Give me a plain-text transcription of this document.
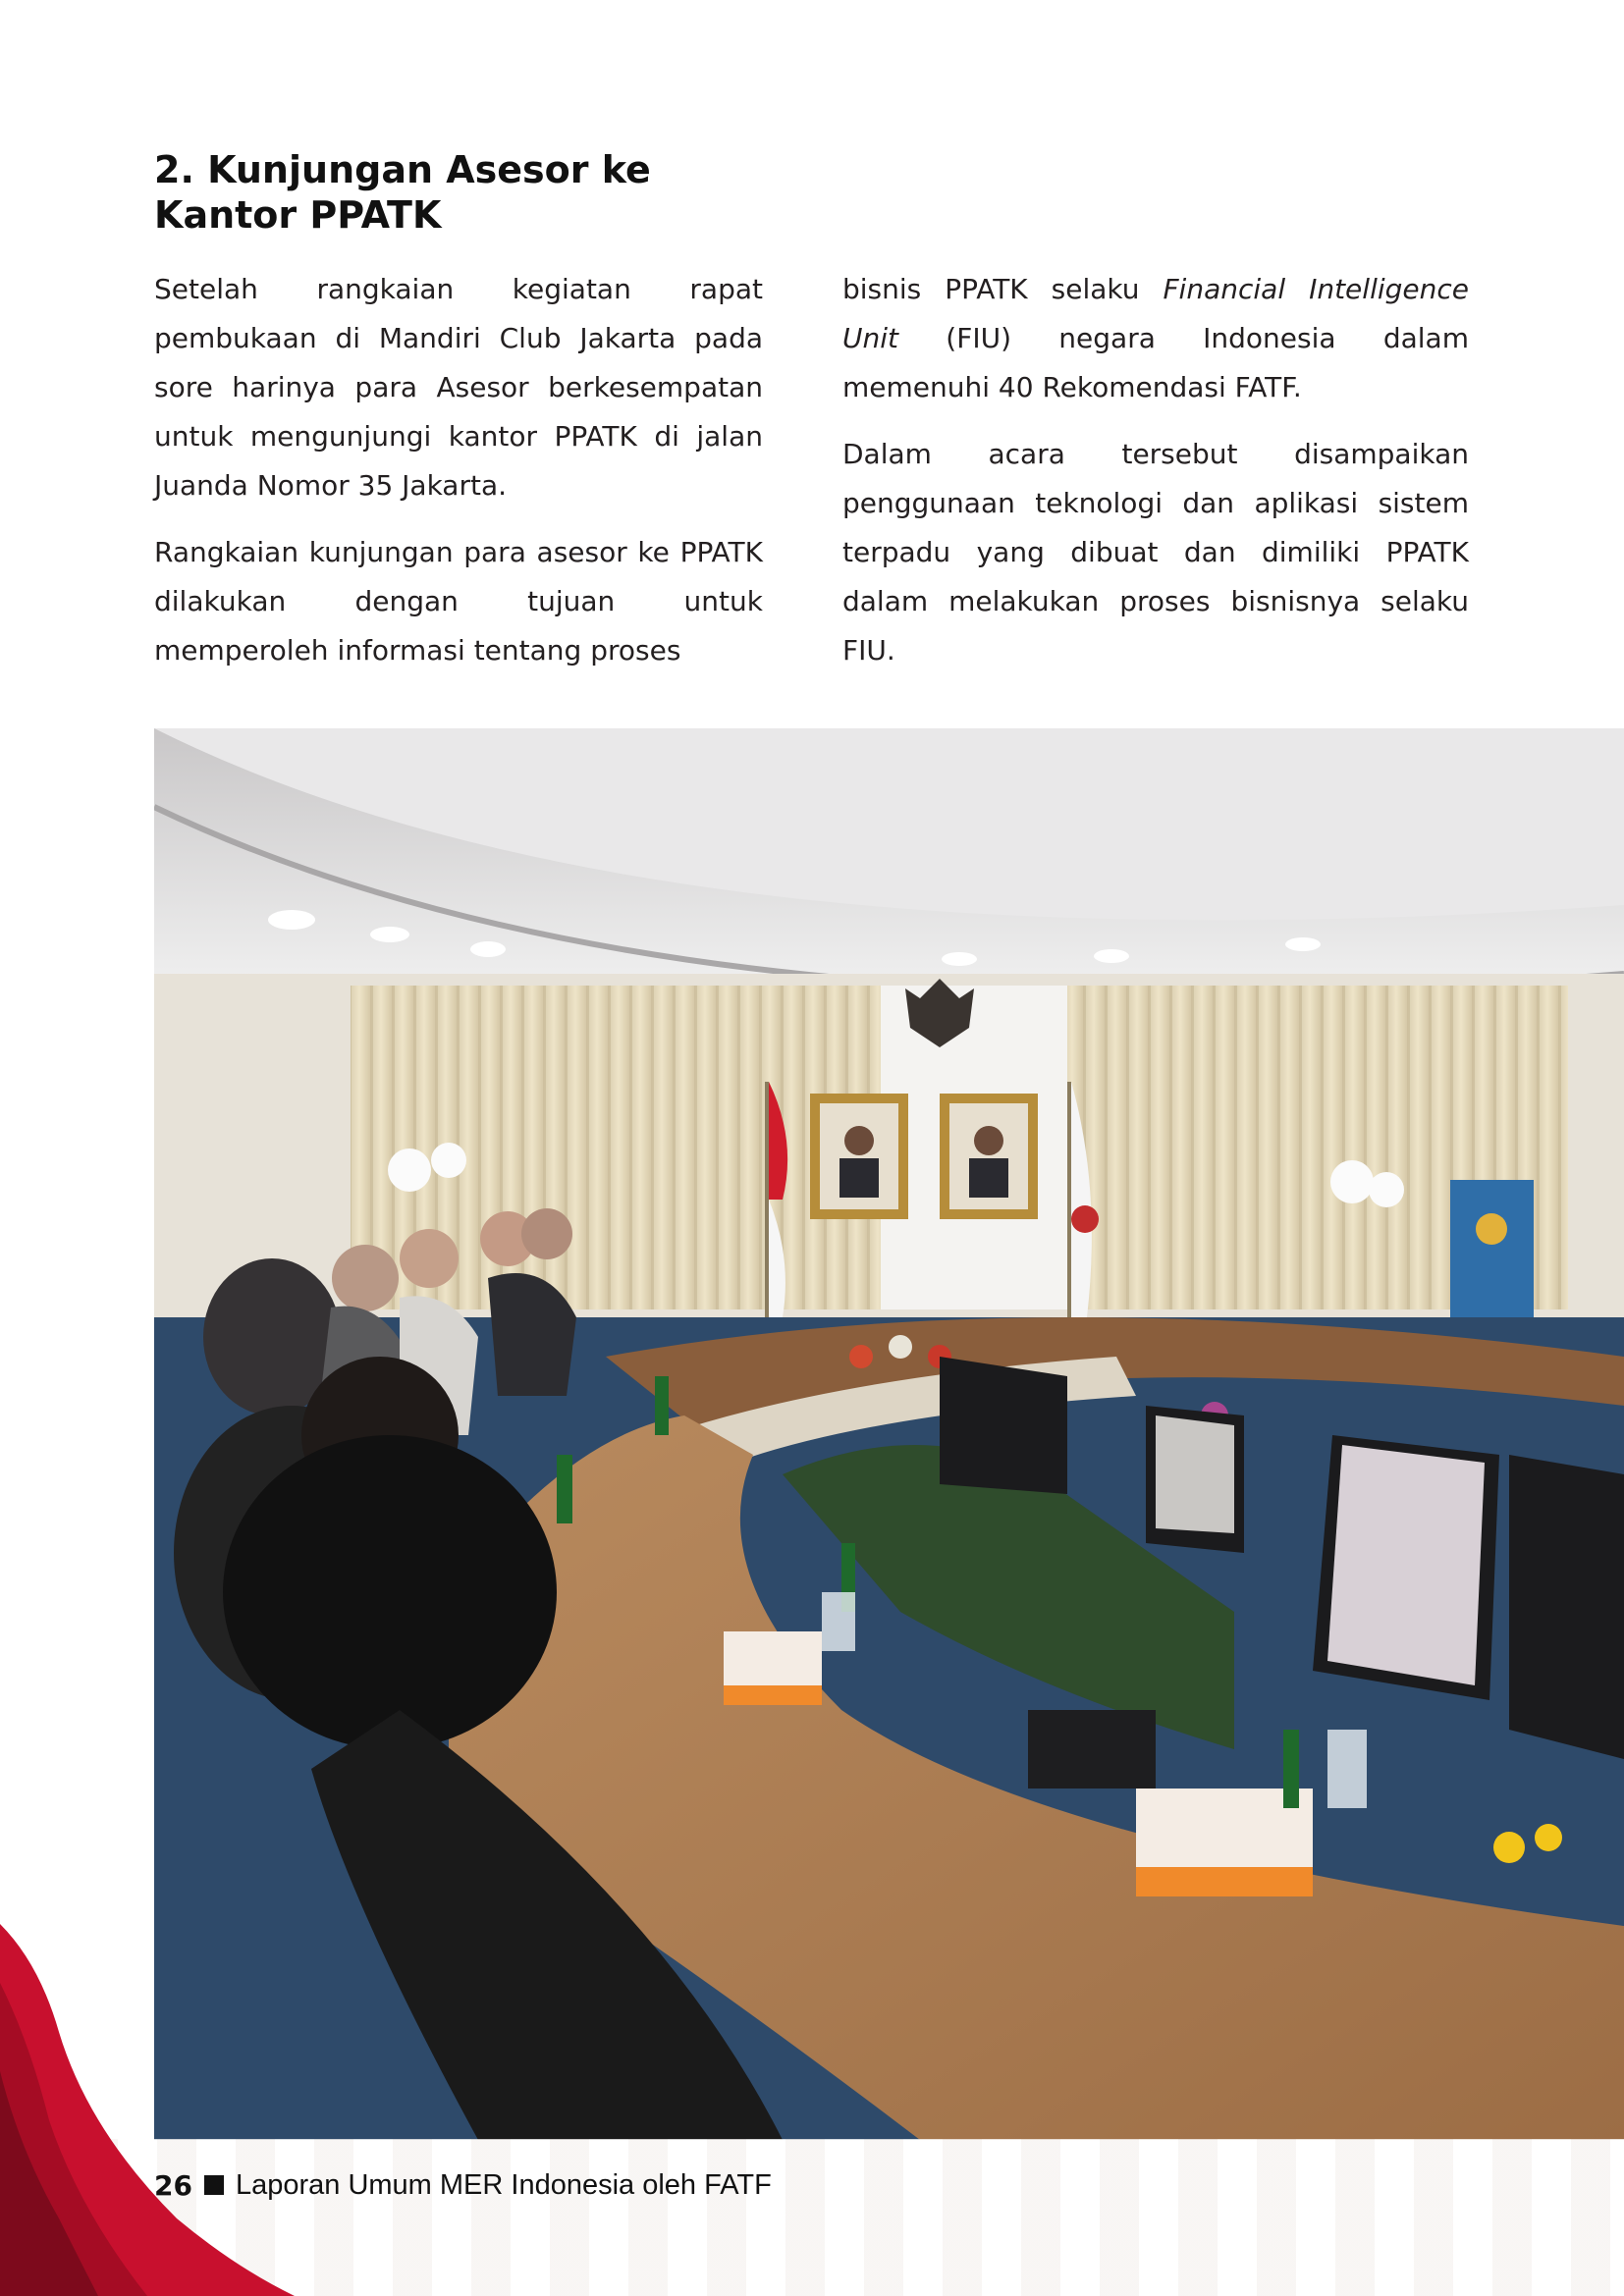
2. Kunjungan Asesor ke
Kantor PPATK

Setelah rangkaian kegiatan rapat pembukaan di Mandiri Club Jakarta pada sore harinya para Asesor berkesempatan untuk mengunjungi kantor PPATK di jalan Juanda Nomor 35 Jakarta.

Rangkaian kunjungan para asesor ke PPATK dilakukan dengan tujuan untuk memperoleh informasi tentang proses

bisnis PPATK selaku Financial Intelligence Unit (FIU) negara Indonesia dalam memenuhi 40 Rekomendasi FATF.

Dalam acara tersebut disampaikan penggunaan teknologi dan aplikasi sistem terpadu yang dibuat dan dimiliki PPATK dalam melakukan proses bisnisnya selaku FIU.

26 Laporan Umum MER Indonesia oleh FATF
